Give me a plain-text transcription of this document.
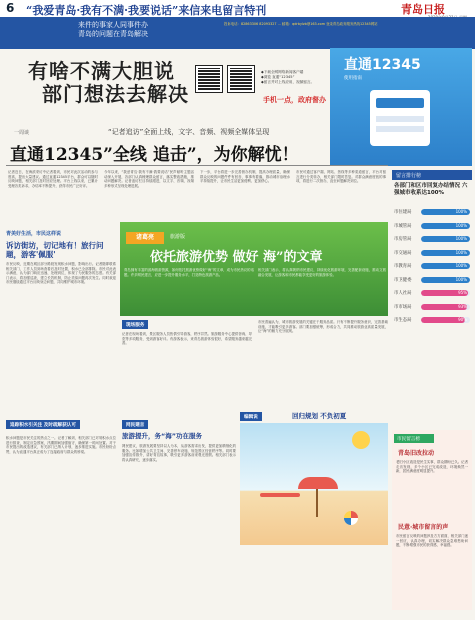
6 “我爱青岛·我有不满·我要说话”来信来电留言特刊	青岛日报
来件的事家人同事件办
青岛的问题在青岛解决
投诉电话：82863306 82093327 ... 邮箱：qdrbylzb@163.com 登录青岛政务服务热线12345网站
有啥不满大胆说
部门想法去解决
◆下载全网网络新闻客户端
◆浏览 直通“12345”
◆留言并对上线应用，视频留言。
直通12345
使用指南
手机一点，政府督办
一周谈	“记者追访”全面上线，文字、音频、视频全媒体呈现
直通12345”全线 追击”，为你解忧！
记者近日，在海滨采访中记者看到，市民对此次活动的参与度高，提出大量建议。通过直通12345平台，群众可以随时反映问题，相关部门及时回应处理。平台上线以来，已累计受理各类诉求，办结率不断提升，获得市民广泛好评。
今年以来，“我爱青岛·我有不满·我要说话”民声倾听主题活动深入开展，各部门认真梳理群众留言，落实整改措施，推动问题解决。记者追访栏目持续跟进，以文字、音频、视频多种形式呈现处理进展。
下一步，平台将进一步完善督办机制，提高办理质量，确保群众反映的问题件件有回音、事事有着落，推动城市治理水平持续提升，让市民生活更加便利、更加舒心。
市民可通过客户端、网站、热线等多种渠道留言，平台对留言进行分类转办，相关部门限时答复。对群众满意度低的事项，将进行二次督办，直至问题解决到位。
留言排行榜
各部门和区市回复办结情况 六强城市收系达100%
市住建局	100%
市城管局	100%
市房管局	100%
市交通局	100%
市教育局	100%
市卫健委	100%
市人社局	95%
市市场局	93%
市生态局	90%
青美好生活，市民这样说
诉访街坊，切记地有！旅行问题，游客'佩服'
市民反映，近期在城区部分路段发现积水问题，影响出行。记者随即联系相关部门，工作人员到场查看后及时处置，积水已全部排除。市民对此表示满意，认为部门响应迅速、处理到位，体现了为民服务的态度。有关部门表示，将加强巡查，建立长效机制，防止类似问题再次发生。同时欢迎市民继续通过平台反映身边问题，共同维护城市环境。
追踪积水引关注 及时疏解获认可
积水问题是市民关注的热点之一。记者了解到，相关部门已对易积水点位进行排查，制定应急预案，汛期期间加强值守，确保第一时间处置。对于市民提出的改造建议，有关部门已纳入计划，逐步推进实施。市民纷纷点赞，认为直通平台真正成为了连接政府与群众的桥梁。
诸葛亮	旅游版
依托旅游优势 做好 海”的文章
青岛拥有丰富的滨海旅游资源，如何依托旅游优势做好“海”的文章，成为市民热议的话题。许多网民建言，应进一步提升服务水平，打造特色旅游产品。
相关部门表示，将认真吸纳市民建议，持续优化旅游环境，完善配套设施，推动文旅融合发展，让游客和市民都能享受更好的旅游体验。
现场服务
记者在现场看到，景区服务人员热情引导游客，秩序井然。旅游服务中心提供咨询、导览等多项服务，受到游客好评。有游客表示，来青岛旅游体验很好，希望服务越来越完善。
市民普遍认为，城市旅游发展的关键在于服务品质。只有不断提升服务意识，完善基础设施，才能吸引更多游客。部门要加强统筹，形成合力，共同推动旅游业高质量发展，让“海”的魅力充分展现。
网民建言
旅游提升，务“海”功在服务
网民建议，旅游发展要坚持以人为本，从游客需求出发，提供更加精细化的服务。比如增加公共卫生间、完善停车设施、规范景区经营秩序等。同时要加强宣传推介，讲好青岛故事，吸引更多游客前来观光度假。相关部门表示将认真研究，逐步落实。
编辑说	回归规划 不负初夏
市民留言榜
青岛旧改拉动
老旧小区改造是民生实事，群众期盼已久。记者走访发现，多个小区已完成改造，环境焕然一新，居民满意度明显提升。
民意·城市留言的声
市民留言反映的问题涉及方方面面，相关部门逐一回应，认真办理，切实解决群众急难愁盼问题，不断增强市民的获得感、幸福感。
